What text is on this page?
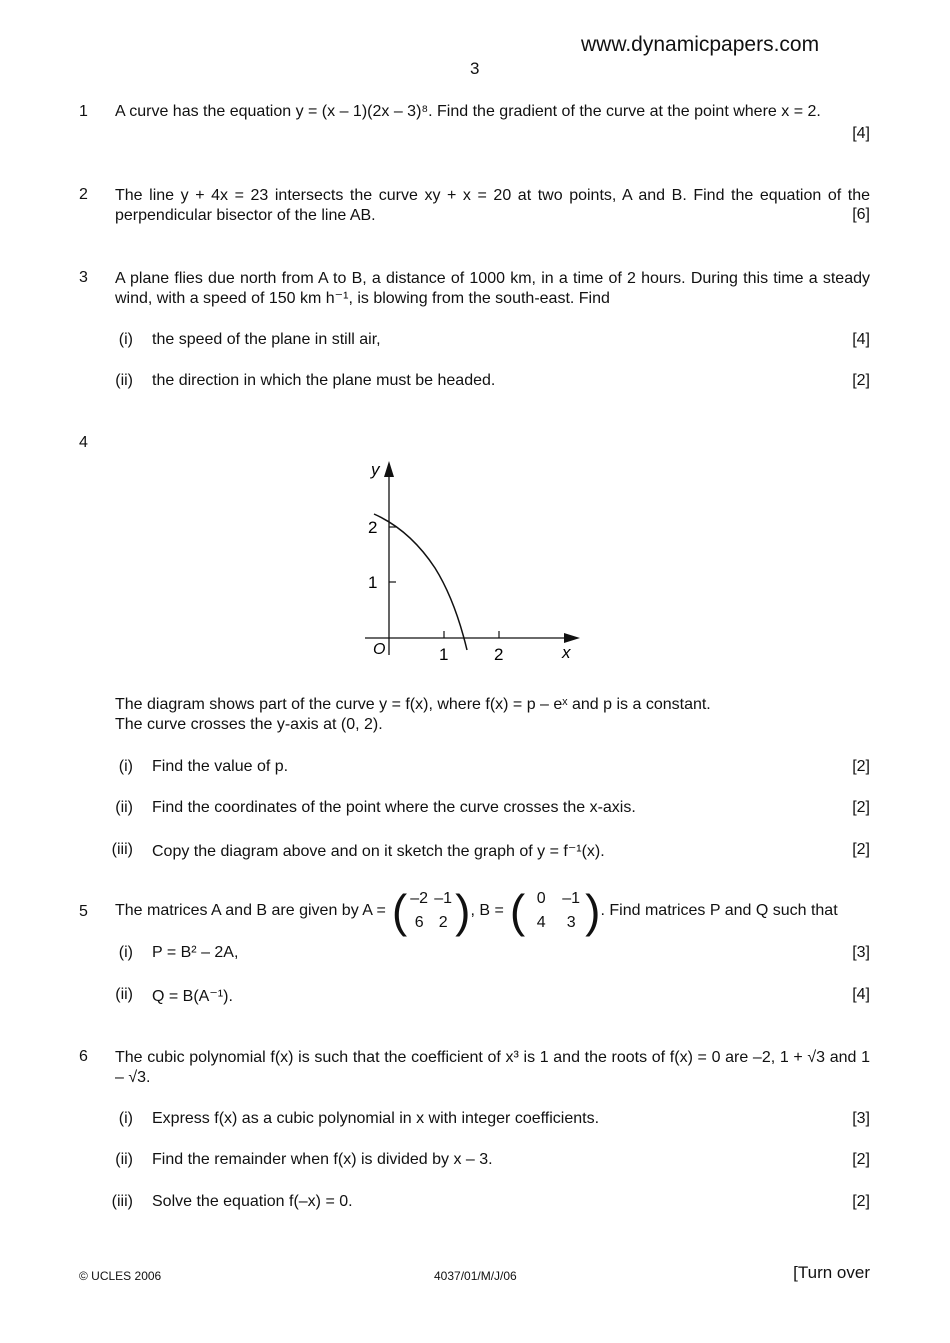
www.dynamicpapers.com
3
1 A curve has the equation y = (x – 1)(2x – 3)⁸. Find the gradient of the curve at the point where x = 2.
[4]
2 The line y + 4x = 23 intersects the curve xy + x = 20 at two points, A and B. Find the equation of the perpendicular bisector of the line AB.	[6]
3 A plane flies due north from A to B, a distance of 1000 km, in a time of 2 hours. During this time a steady wind, with a speed of 150 km h⁻¹, is blowing from the south-east. Find
(i) the speed of the plane in still air,	[4]
(ii) the direction in which the plane must be headed.	[2]
4
y
2
1
O	1	2	x
The diagram shows part of the curve y = f(x), where f(x) = p – eˣ and p is a constant.
The curve crosses the y-axis at (0, 2).
(i) Find the value of p.	[2]
(ii) Find the coordinates of the point where the curve crosses the x-axis.	[2]
(iii) Copy the diagram above and on it sketch the graph of y = f⁻¹(x).	[2]
5 The matrices A and B are given by A = ( –2 –1
6 2 ) , B = ( 0	–1
4	3 ) . Find matrices P and Q such that
(i) P = B² – 2A,	[3]
(ii) Q = B(A⁻¹).	[4]
6 The cubic polynomial f(x) is such that the coefficient of x³ is 1 and the roots of f(x) = 0 are –2, 1 + √3 and 1 – √3.
(i) Express f(x) as a cubic polynomial in x with integer coefficients.	[3]
(ii) Find the remainder when f(x) is divided by x – 3.	[2]
(iii) Solve the equation f(–x) = 0.	[2]
© UCLES 2006	4037/01/M/J/06	[Turn over
